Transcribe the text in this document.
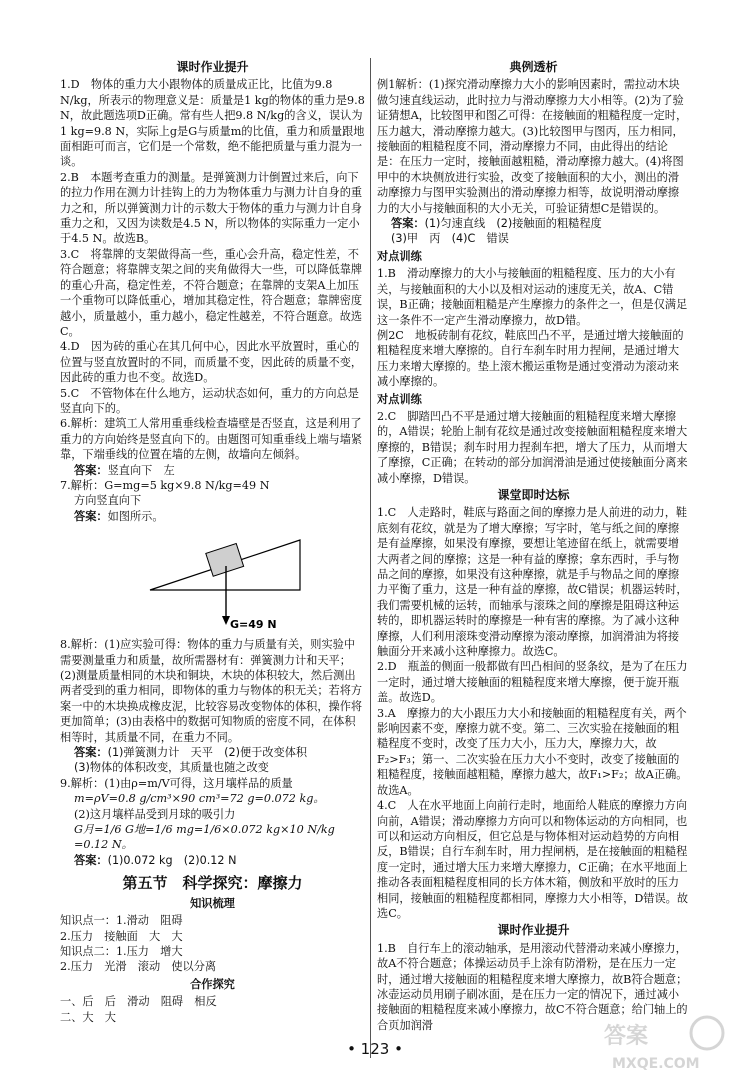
课时作业提升

1.D　物体的重力大小跟物体的质量成正比，比值为9.8 N/kg，所表示的物理意义是：质量是1 kg的物体的重力是9.8 N，故此题选项D正确。常有些人把9.8 N/kg的含义，误认为1 kg=9.8 N，实际上g是G与质量m的比值，重力和质量跟地面相距可而言，它们是一个常数，绝不能把质量与重力混为一谈。

2.B　本题考查重力的测量。是弹簧测力计倒置过来后，向下的拉力作用在测力计挂钩上的力为物体重力与测力计自身的重力之和，所以弹簧测力计的示数大于物体的重力与测力计自身重力之和，又因为读数是4.5 N，所以物体的实际重力一定小于4.5 N。故选B。

3.C　将靠牌的支架做得高一些，重心会升高，稳定性差，不符合题意；将靠牌支架之间的夹角做得大一些，可以降低靠牌的重心升高，稳定性差，不符合题意；在靠牌的支架A上加压一个重物可以降低重心，增加其稳定性，符合题意；靠牌密度越小，质量越小，重力越小，稳定性越差，不符合题意。故选C。

4.D　因为砖的重心在其几何中心，因此水平放置时，重心的位置与竖直放置时的不同，而质量不变，因此砖的质量不变，因此砖的重力也不变。故选D。

5.C　不管物体在什么地方，运动状态如何，重力的方向总是竖直向下的。

6.解析：建筑工人常用重垂线检查墙壁是否竖直，这是利用了重力的方向始终是竖直向下的。由题图可知重垂线上端与墙紧靠，下端垂线的位置在墙的左侧，故墙向左倾斜。

答案：竖直向下　左

7.解析：G=mg=5 kg×9.8 N/kg=49 N

方向竖直向下

答案：如图所示。

G=49 N

8.解析：(1)应实验可得：物体的重力与质量有关，则实验中需要测量重力和质量，故所需器材有：弹簧测力计和天平；(2)测量质量相同的木块和铜块，木块的体积较大，然后测出两者受到的重力相同，即物体的重力与物体的积无关；若将方案一中的木块换成橡皮泥，比较容易改变物体的体积，操作将更加简单；(3)由表格中的数据可知物质的密度不同，在体积相等时，其质量不同，在重力不同。

答案：(1)弹簧测力计　天平　(2)便于改变体积

(3)物体的体积改变，其质量也随之改变

9.解析：(1)由ρ=m/V可得，这月壤样品的质量

m=ρV=0.8 g/cm³×90 cm³=72 g=0.072 kg。

(2)这月壤样品受到月球的吸引力

G月=1/6 G地=1/6 mg=1/6×0.072 kg×10 N/kg

=0.12 N。

答案：(1)0.072 kg　(2)0.12 N

第五节　科学探究：摩擦力
知识梳理

知识点一：1.滑动　阻碍

2.压力　接触面　大　大

知识点二：1.压力　增大

2.压力　光滑　滚动　使以分离

合作探究

一、后　后　滑动　阻碍　相反

二、大　大

典例透析

例1解析：(1)探究滑动摩擦力大小的影响因素时，需拉动木块做匀速直线运动，此时拉力与滑动摩擦力大小相等。(2)为了验证猜想A，比较图甲和图乙可得：在接触面的粗糙程度一定时，压力越大，滑动摩擦力越大。(3)比较图甲与图丙，压力相同，接触面的粗糙程度不同，滑动摩擦力不同，由此得出的结论是：在压力一定时，接触面越粗糙，滑动摩擦力越大。(4)将图甲中的木块侧放进行实验，改变了接触面积的大小，测出的滑动摩擦力与图甲实验测出的滑动摩擦力相等，故说明滑动摩擦力的大小与接触面积的大小无关，可验证猜想C是错误的。

答案：(1)匀速直线　(2)接触面的粗糙程度

(3)甲　丙　(4)C　错误

对点训练

1.B　滑动摩擦力的大小与接触面的粗糙程度、压力的大小有关，与接触面积的大小以及相对运动的速度无关，故A、C错误，B正确；接触面粗糙是产生摩擦力的条件之一，但是仅满足这一条件不一定产生滑动摩擦力，故D错。

例2C　地板砖制有花纹，鞋底凹凸不平，是通过增大接触面的粗糙程度来增大摩擦的。自行车刹车时用力捏闸，是通过增大压力来增大摩擦的。垫上滚木搬运重物是通过变滑动为滚动来减小摩擦的。

对点训练

2.C　脚踏凹凸不平是通过增大接触面的粗糙程度来增大摩擦的，A错误；轮胎上制有花纹是通过改变接触面粗糙程度来增大摩擦的，B错误；刹车时用力捏刹车把，增大了压力，从而增大了摩擦，C正确；在转动的部分加润滑油是通过使接触面分离来减小摩擦，D错误。

课堂即时达标

1.C　人走路时，鞋底与路面之间的摩擦力是人前进的动力，鞋底刻有花纹，就是为了增大摩擦；写字时，笔与纸之间的摩擦是有益摩擦，如果没有摩擦，要想让笔迹留在纸上，就需要增大两者之间的摩擦；这是一种有益的摩擦；拿东西时，手与物品之间的摩擦，如果没有这种摩擦，就是手与物品之间的摩擦力平衡了重力，这是一种有益的摩擦，故C错误；机器运转时，我们需要机械的运转，而轴承与滚珠之间的摩擦是阻碍这种运转的，即机器运转时的摩擦是一种有害的摩擦。为了减小这种摩擦，人们利用滚珠变滑动摩擦为滚动摩擦，加润滑油为将接触面分开来减小这种摩擦力。故选C。

2.D　瓶盖的侧面一般都做有凹凸相间的竖条纹，是为了在压力一定时，通过增大接触面的粗糙程度来增大摩擦，便于旋开瓶盖。故选D。

3.A　摩擦力的大小跟压力大小和接触面的粗糙程度有关，两个影响因素不变，摩擦力就不变。第二、三次实验在接触面的粗糙程度不变时，改变了压力大小，压力大，摩擦力大，故F₂>F₃；第一、二次实验在压力大小不变时，改变了接触面的粗糙程度，接触面越粗糙，摩擦力越大，故F₁>F₂；故A正确。故选A。

4.C　人在水平地面上向前行走时，地面给人鞋底的摩擦力方向向前，A错误；滑动摩擦力方向可以和物体运动的方向相同，也可以和运动方向相反，但它总是与物体相对运动趋势的方向相反，B错误；自行车刹车时，用力捏闸柄，是在接触面的粗糙程度一定时，通过增大压力来增大摩擦力，C正确；在水平地面上推动各表面粗糙程度相同的长方体木箱，侧放和平放时的压力相同，接触面的粗糙程度都相同，摩擦力大小相等，D错误。故选C。

课时作业提升

1.B　自行车上的滚动轴承，是用滚动代替滑动来减小摩擦力，故A不符合题意；体操运动员手上涂有防滑粉，是在压力一定时，通过增大接触面的粗糙程度来增大摩擦力，故B符合题意；冰壶运动员用刷子刷冰面，是在压力一定的情况下，通过减小接触面的粗糙程度来减小摩擦力，故C不符合题意；给门轴上的合页加润滑

• 123 •	答案
MXQE.COM
